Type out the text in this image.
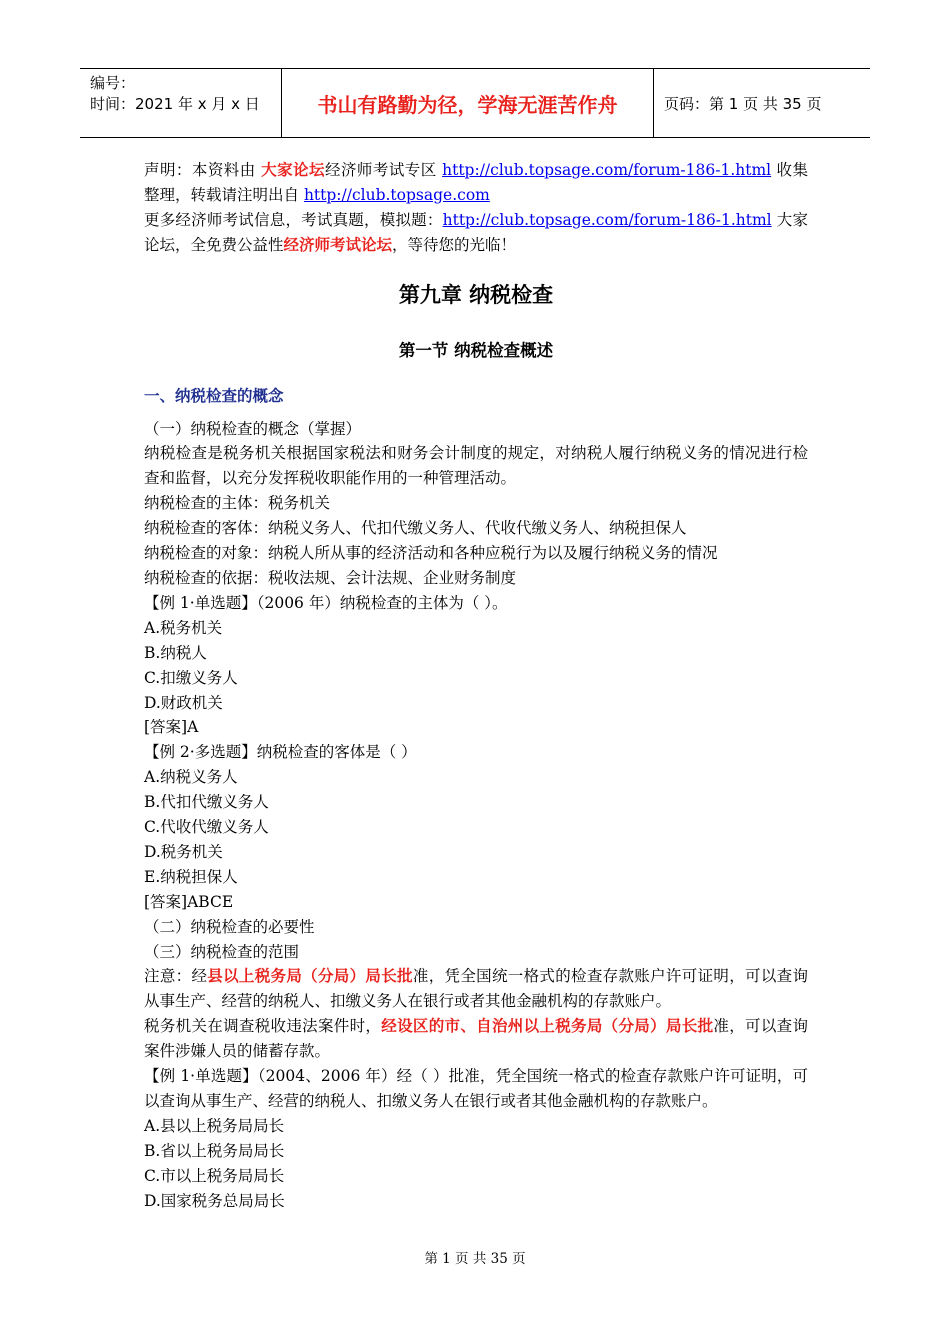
编号：
时间：2021 年 x 月 x 日	书山有路勤为径，学海无涯苦作舟	页码：第 1 页 共 35 页
声明：本资料由 大家论坛经济师考试专区 http://club.topsage.com/forum-186-1.html 收集整理，转载请注明出自 http://club.topsage.com
更多经济师考试信息，考试真题，模拟题：http://club.topsage.com/forum-186-1.html 大家论坛，全免费公益性经济师考试论坛，等待您的光临！
第九章 纳税检查
第一节 纳税检查概述
一、纳税检查的概念
（一）纳税检查的概念（掌握）
纳税检查是税务机关根据国家税法和财务会计制度的规定，对纳税人履行纳税义务的情况进行检查和监督，以充分发挥税收职能作用的一种管理活动。
纳税检查的主体：税务机关
纳税检查的客体：纳税义务人、代扣代缴义务人、代收代缴义务人、纳税担保人
纳税检查的对象：纳税人所从事的经济活动和各种应税行为以及履行纳税义务的情况
纳税检查的依据：税收法规、会计法规、企业财务制度
【例 1·单选题】（2006 年）纳税检查的主体为（ ）。
A.税务机关
B.纳税人
C.扣缴义务人
D.财政机关
[答案]A
【例 2·多选题】纳税检查的客体是（ ）
A.纳税义务人
B.代扣代缴义务人
C.代收代缴义务人
D.税务机关
E.纳税担保人
[答案]ABCE
（二）纳税检查的必要性
（三）纳税检查的范围
注意：经县以上税务局（分局）局长批准，凭全国统一格式的检查存款账户许可证明，可以查询从事生产、经营的纳税人、扣缴义务人在银行或者其他金融机构的存款账户。
税务机关在调查税收违法案件时，经设区的市、自治州以上税务局（分局）局长批准，可以查询案件涉嫌人员的储蓄存款。
【例 1·单选题】（2004、2006 年）经（ ）批准，凭全国统一格式的检查存款账户许可证明，可以查询从事生产、经营的纳税人、扣缴义务人在银行或者其他金融机构的存款账户。
A.县以上税务局局长
B.省以上税务局局长
C.市以上税务局局长
D.国家税务总局局长
第 1 页 共 35 页
